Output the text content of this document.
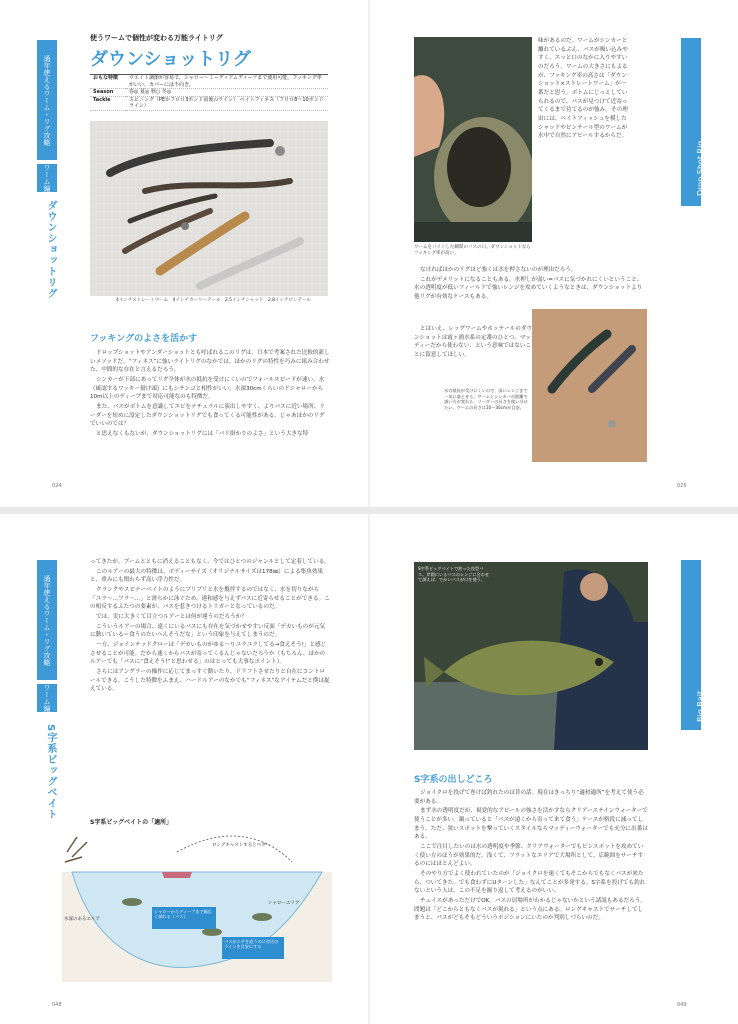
通年使えるワーム・リグ攻略
ワーム編
ダウンショットリグ
使うワームで個性が変わる万能ライトリグ
ダウンショットリグ
おもな特徴	ウエイト調節が容易で、シャロー〜ミーディアムディープまで使用可能。フッキング率がいい。カバーには不向き。
Season	春◎ 夏◎ 秋○ 冬◎
Tackle	スピニング（PEかフロロ3ポンド前後のライン） ベイトフィネス（フロロ8〜10ポンドライン）
4インチストレートワーム　4インチカーリーテール　2.5インチシャッド　2.8インチピンテール
フッキングのよさを活かす

ドロップショットやアンダーショットとも呼ばれるこのリグは、日本で考案された比較的新しいメソッドだ。“フィネス”に強いライトリグのなかでは、ほかのリグの特性を巧みに組み合わせた、中間的な存在と言えるだろう。

シンカーが下部にあってリグ全体が水の抵抗を受けにくいのでフォールスピードが速い。水（確認するワッキー掛け頭）にもシチンゴと相性がいい。水深30cmくらいのドシャローから10m以上のディープまで対応可能なのも特徴だ。

また、バスがボトムを意識してエビをナチュラルに演出しやすく、よりバスに近い場所、リーダーを短めに設定したダウンショットリグでも食ってくる可能性がある。じゃあほかのリグでいいのでは？

と思えなくもないが、ダウンショットリグには「バリ掛かりのよさ」という大きな特

024
ワームをバイトした瞬間のバスの口。ダウンショットならフッキング率が高い。
味があるのだ。ワームがシンカーと離れているぶん、バスが吸い込みやすく、スッと口のなかに入りやすいのだろう。ワームの大きさにもよるが、フッキング率の高さは「ダウンショット×ストレートワーム」が一番だと思う。ボトムにじっとしていられるので、バスが見つけて近寄ってくるまで待てるのが強み。その理由には、ベイトフィッシュを模したシャッドやピンテール型のワームが水中で自然にアピールするからだ。

なければほかのリグほど強くは水を押さないのが理由だろう。

これがデメリットになることもある。水押しが弱い=バスに気づかれにくいということ。水の透明度が低いフィールドで強いレンジを攻めていくようなときは、ダウンショットより他リグが有効なケースもある。

とはいえ、レッグワームやホッテールのダウンショットは霞ヶ浦水系の定番のひとつ。マッディーだから使わない、という意味ではないことに留意してほしい。

水の抵抗が受けにくいので、深いレンジまで一気に落とせる。ワームとシンカーの距離で誘い方が変わる。リーダーの長さを使い分けたい。ワームの長さは10〜30cmが目安。
Drop Shot Rig
025
通年使えるワーム・リグ攻略
ワーム編
S字系ビッグベイト

ってきたが、ブームとともに消えることもなく、今ではひとつのジャンルとして定着している。

このルアーの最大の特徴は、ボディーサイズ（オリジナルサイズは178㎜）による集魚効果と、重みにも関わらず高い浮力性だ。

クランクやスピナーベイトのようにブリブリと水を攪拌するのではなく、水を切りながら「ユラ〜…フラ〜…」と滑らかに泳ぐため、違和感を与えずバスに近寄らせることができる。この相反するふたつの要素が、バスを惹きつけるトリガーとなっているのだ。

では、実に大きくて目立つルアーとは何が違うのだろうか？

こういうルアーの場合、遠くにいるバスにも存在を気づかせやすい反面「デカいものが元気に動いている＝食うのたいへんそうだな」という印象を与えてしまうのだ。

一方、ジョインテッドクローは「デカいものがゆる〜りユラユラしてる→食えそう!」と感じさせることが可能。だから速くからバスが寄ってくるんじゃないだろうか（もちろん、ほかのルアーでも「バスに“食えそう!”と思わせる」のはとっても大事なポイント）。

さらにはアングラーの操作に応じてまっすぐ動いたり、ドリフトさせたりと自在にコントロールできる。こうした特徴をふまえ、ハードルアーのなかでも“フィネス”なアイテムだと僕は捉えている。

S字系ビッグベイトの「適所」
ロングキャストするとベター
水深のあるエリア
シャローエリア
シャローからディープまで幅広く探れる（バス）
バスがエサを追うのに岸辺のラインを目安にする
048
S字系ビッグベイトで釣った良型バス。岸際にいるバスのレンジに合わせて誘えば、でかいバスが口を使う。
S字系の出しどころ

ジョイクロを投げて巻けば釣れたのは昔の話。現在はきっちり“適材適所”を考えて使う必要がある。

まず水の透明度だが、視覚的なアピールの強さを活かすならクリアーステインウォーターで使うことが多い。濁っていると「バスが遠くから寄って来て食う」ケースが格段に減ってしまう。ただ、狭いスポットを撃っていくスタイルならマッディーウォーターでも充分に出番はある。

ここで注目したいのは水の透明度や季節、クリアウォーターでもピンスポットを攻めていく使い方のほうが効果的だ。浅くて、フラットなエリアで大場所として、広範囲をサーチするのにはほとんどよい。

そのやり方でよく使われていたのが「ジョイクロを速くてもそこからでもなくバスが来たら、ついてきた、でも食わずにUターンした」なんてことが多発する。S字系を投げても釣れないという人は、この不足を掘り返して考えるのがいい。

チェイスがあっただけでOK。バスの居場所がわかるじゃないかという諸説もあるだろう。問題は「どこからともなくバスが現れる」という点にある。ロングキャストでサーチしてしまうと、バスがどもそもどういうポジションにいたのか判別しづらいのだ。

Big Bait
049
